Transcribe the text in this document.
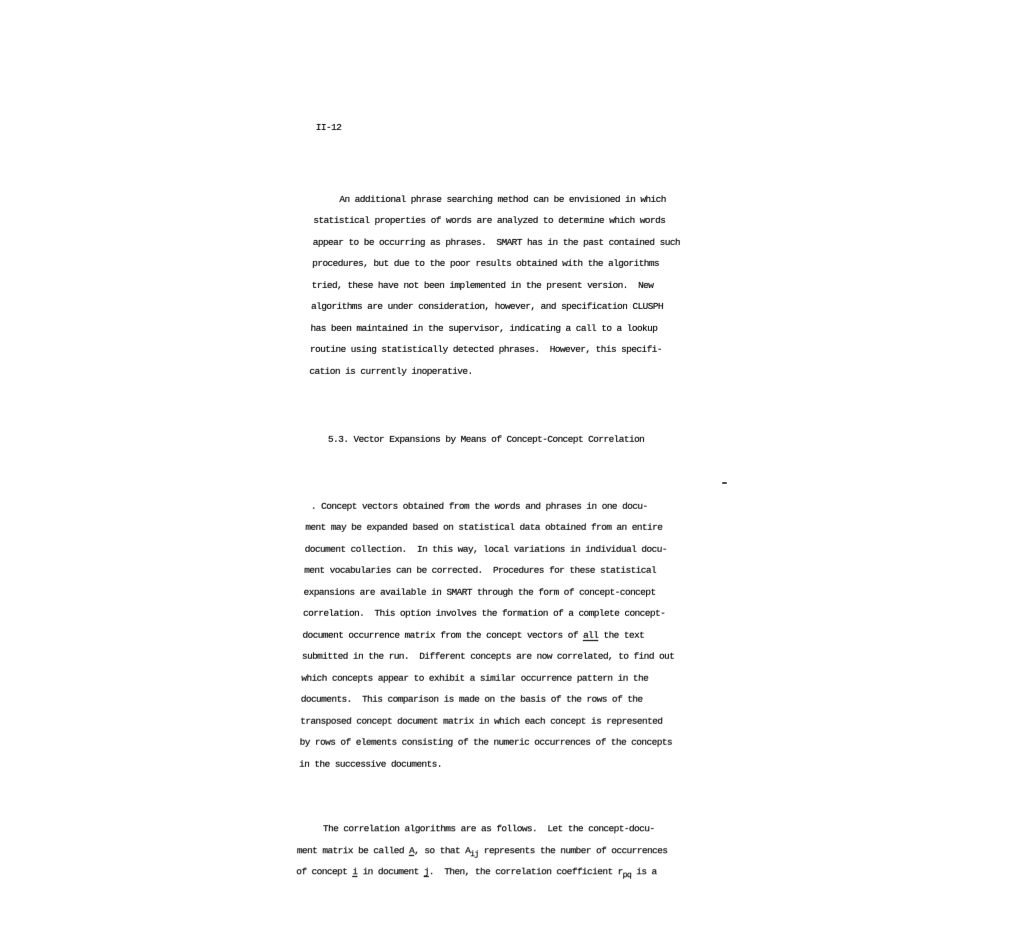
II-12

An additional phrase searching method can be envisioned in which
statistical properties of words are analyzed to determine which words
appear to be occurring as phrases.  SMART has in the past contained such
procedures, but due to the poor results obtained with the algorithms
tried, these have not been implemented in the present version.  New
algorithms are under consideration, however, and specification CLUSPH
has been maintained in the supervisor, indicating a call to a lookup
routine using statistically detected phrases.  However, this specifi-
cation is currently inoperative.

5.3. Vector Expansions by Means of Concept-Concept Correlation

. Concept vectors obtained from the words and phrases in one docu-
ment may be expanded based on statistical data obtained from an entire
document collection.  In this way, local variations in individual docu-
ment vocabularies can be corrected.  Procedures for these statistical
expansions are available in SMART through the form of concept-concept
correlation.  This option involves the formation of a complete concept-
document occurrence matrix from the concept vectors of all the text
submitted in the run.  Different concepts are now correlated, to find out
which concepts appear to exhibit a similar occurrence pattern in the
documents.  This comparison is made on the basis of the rows of the
transposed concept document matrix in which each concept is represented
by rows of elements consisting of the numeric occurrences of the concepts
in the successive documents.

The correlation algorithms are as follows.  Let the concept-docu-
ment matrix be called A, so that $A_{ij}$ represents the number of occurrences
of concept i in document j.  Then, the correlation coefficient $r_{pq}$ is a
